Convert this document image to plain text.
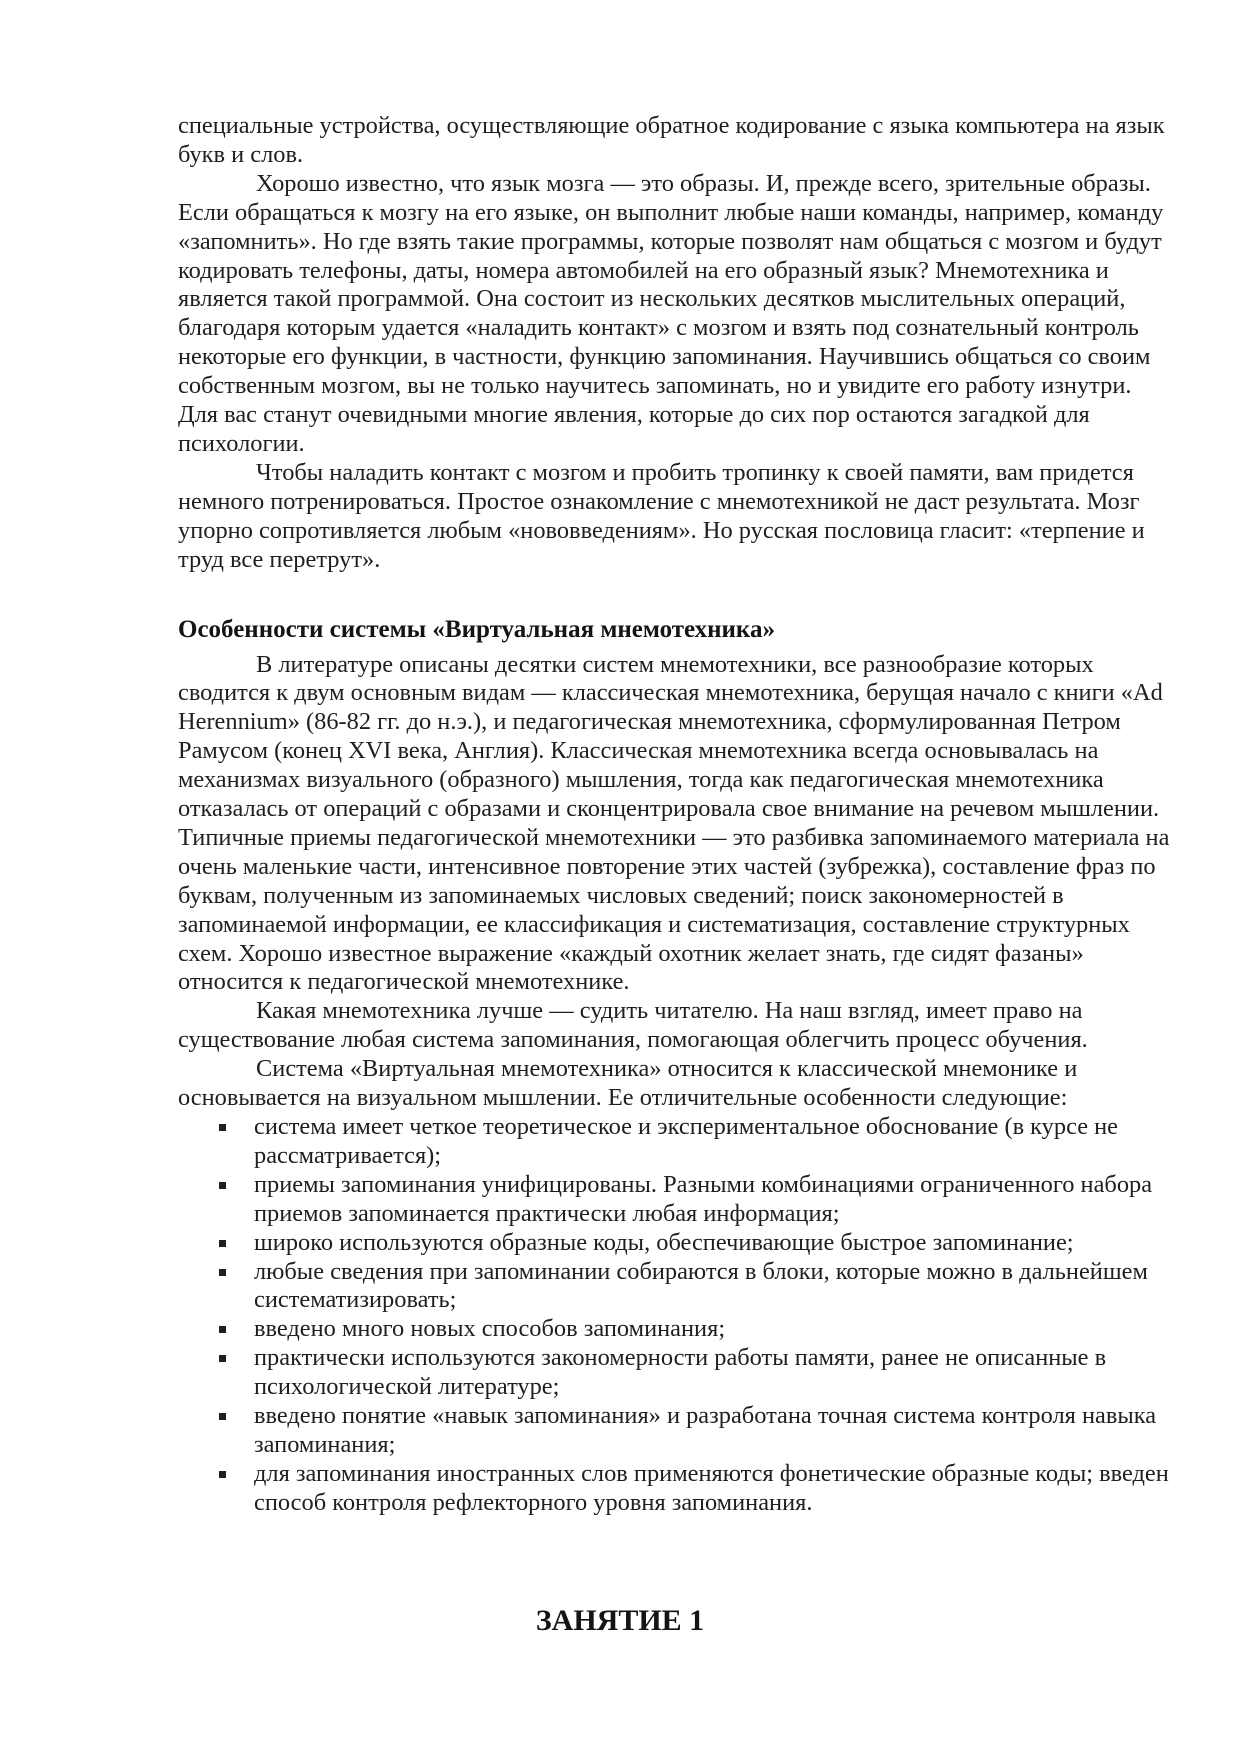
специальные устройства, осуществляющие обратное кодирование с языка компьютера на язык букв и слов.

Хорошо известно, что язык мозга — это образы. И, прежде всего, зрительные образы. Если обращаться к мозгу на его языке, он выполнит любые наши команды, например, команду «запомнить». Но где взять такие программы, которые позволят нам общаться с мозгом и будут кодировать телефоны, даты, номера автомобилей на его образный язык? Мнемотехника и является такой программой. Она состоит из нескольких десятков мыслительных операций, благодаря которым удается «наладить контакт» с мозгом и взять под сознательный контроль некоторые его функции, в частности, функцию запоминания. Научившись общаться со своим собственным мозгом, вы не только научитесь запоминать, но и увидите его работу изнутри. Для вас станут очевидными многие явления, которые до сих пор остаются загадкой для психологии.

Чтобы наладить контакт с мозгом и пробить тропинку к своей памяти, вам придется немного потренироваться. Простое ознакомление с мнемотехникой не даст результата. Мозг упорно сопротивляется любым «нововведениям». Но русская пословица гласит: «терпение и труд все перетрут».

Особенности системы «Виртуальная мнемотехника»

В литературе описаны десятки систем мнемотехники, все разнообразие которых сводится к двум основным видам — классическая мнемотехника, берущая начало с книги «Ad Herennium» (86-82 гг. до н.э.), и педагогическая мнемотехника, сформулированная Петром Рамусом (конец XVI века, Англия). Классическая мнемотехника всегда основывалась на механизмах визуального (образного) мышления, тогда как педагогическая мнемотехника отказалась от операций с образами и сконцентрировала свое внимание на речевом мышлении. Типичные приемы педагогической мнемотехники — это разбивка запоминаемого материала на очень маленькие части, интенсивное повторение этих частей (зубрежка), составление фраз по буквам, полученным из запоминаемых числовых сведений; поиск закономерностей в запоминаемой информации, ее классификация и систематизация, составление структурных схем. Хорошо известное выражение «каждый охотник желает знать, где сидят фазаны» относится к педагогической мнемотехнике.

Какая мнемотехника лучше — судить читателю. На наш взгляд, имеет право на существование любая система запоминания, помогающая облегчить процесс обучения.

Система «Виртуальная мнемотехника» относится к классической мнемонике и основывается на визуальном мышлении. Ее отличительные особенности следующие:

система имеет четкое теоретическое и экспериментальное обоснование (в курсе не рассматривается);
приемы запоминания унифицированы. Разными комбинациями ограниченного набора приемов запоминается практически любая информация;
широко используются образные коды, обеспечивающие быстрое запоминание;
любые сведения при запоминании собираются в блоки, которые можно в дальнейшем систематизировать;
введено много новых способов запоминания;
практически используются закономерности работы памяти, ранее не описанные в психологической литературе;
введено понятие «навык запоминания» и разработана точная система контроля навыка запоминания;
для запоминания иностранных слов применяются фонетические образные коды; введен способ контроля рефлекторного уровня запоминания.
ЗАНЯТИЕ 1
